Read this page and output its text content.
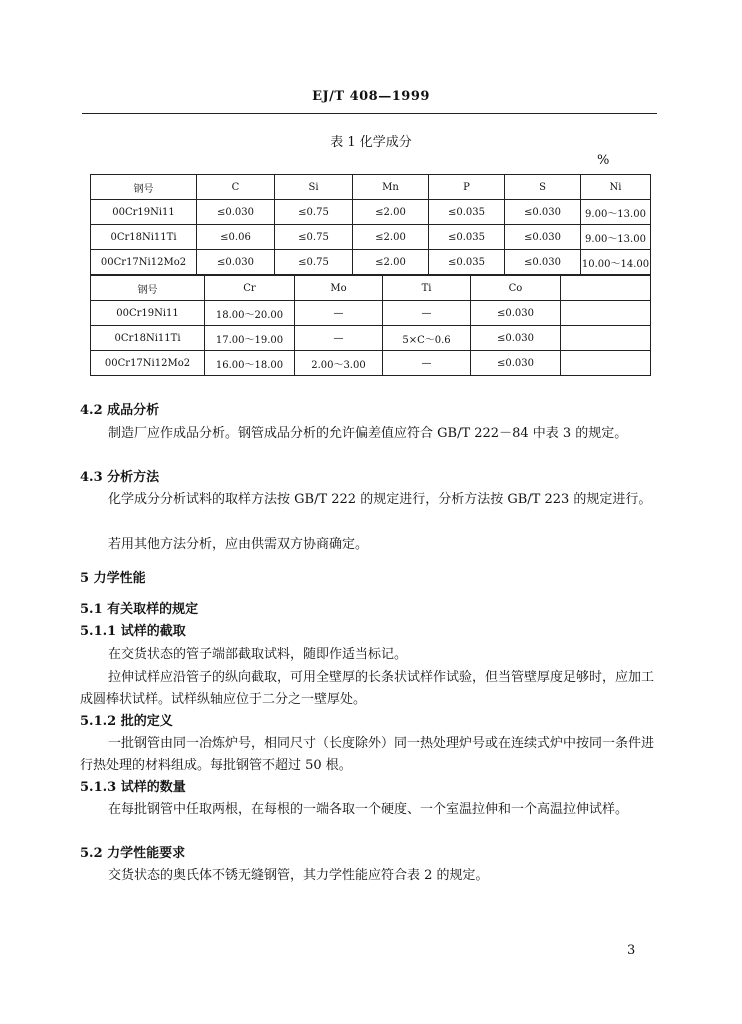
EJ/T 408—1999
表 1 化学成分
%
钢号	C	Si	Mn	P	S	Ni
00Cr19Ni11	≤0.030	≤0.75	≤2.00	≤0.035	≤0.030	9.00～13.00
0Cr18Ni11Ti	≤0.06	≤0.75	≤2.00	≤0.035	≤0.030	9.00～13.00
00Cr17Ni12Mo2	≤0.030	≤0.75	≤2.00	≤0.035	≤0.030	10.00～14.00
钢号	Cr	Mo	Ti	Co	
00Cr19Ni11	18.00～20.00	—	—	≤0.030	
0Cr18Ni11Ti	17.00～19.00	—	5×C～0.6	≤0.030	
00Cr17Ni12Mo2	16.00～18.00	2.00～3.00	—	≤0.030	
4.2 成品分析
制造厂应作成品分析。钢管成品分析的允许偏差值应符合 GB/T 222－84 中表 3 的规定。
4.3 分析方法
化学成分分析试料的取样方法按 GB/T 222 的规定进行，分析方法按 GB/T 223 的规定进行。
若用其他方法分析，应由供需双方协商确定。
5 力学性能
5.1 有关取样的规定
5.1.1 试样的截取
在交货状态的管子端部截取试料，随即作适当标记。
拉伸试样应沿管子的纵向截取，可用全壁厚的长条状试样作试验，但当管壁厚度足够时，应加工成圆棒状试样。试样纵轴应位于二分之一壁厚处。
5.1.2 批的定义
一批钢管由同一冶炼炉号，相同尺寸（长度除外）同一热处理炉号或在连续式炉中按同一条件进行热处理的材料组成。每批钢管不超过 50 根。
5.1.3 试样的数量
在每批钢管中任取两根，在每根的一端各取一个硬度、一个室温拉伸和一个高温拉伸试样。
5.2 力学性能要求
交货状态的奥氏体不锈无缝钢管，其力学性能应符合表 2 的规定。
3
